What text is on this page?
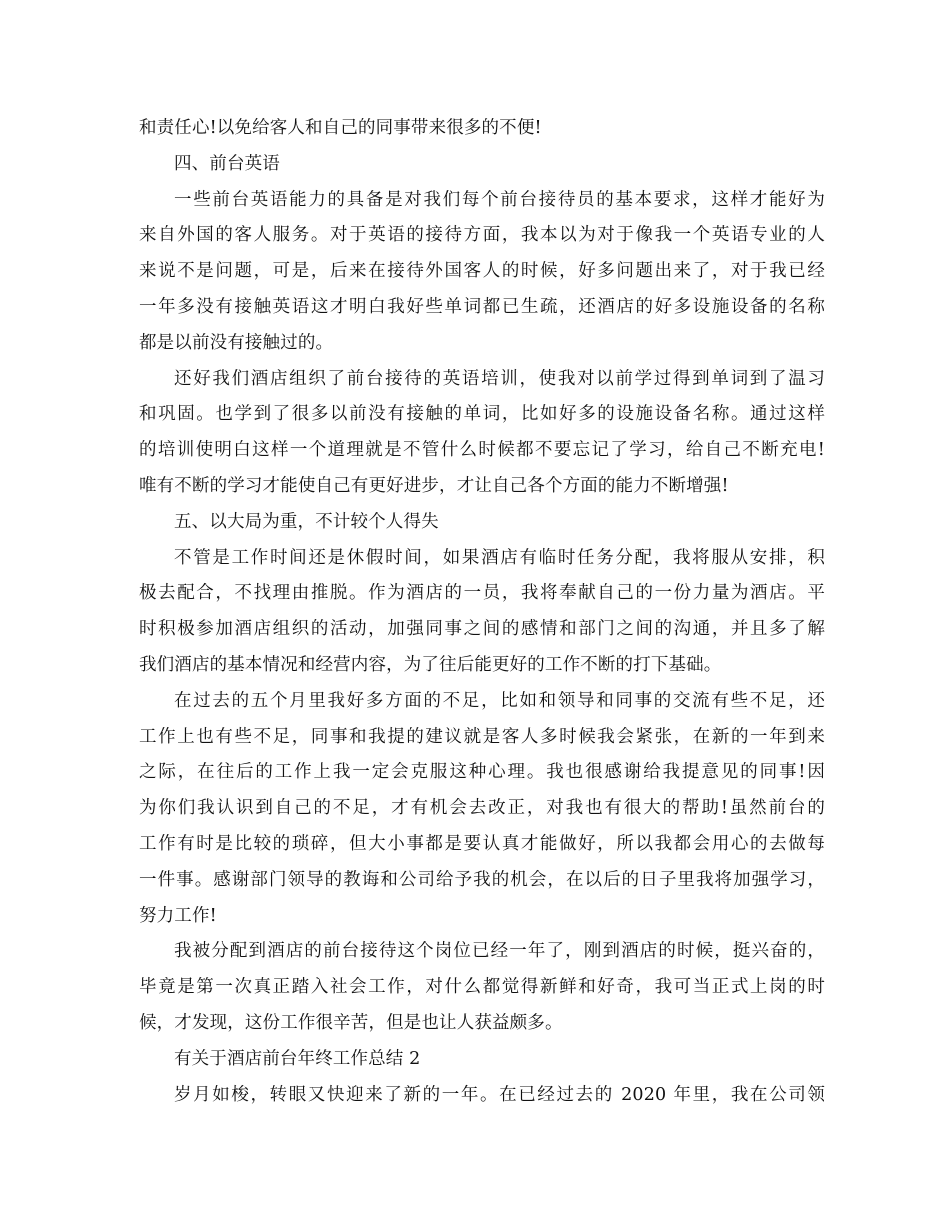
和责任心!以免给客人和自己的同事带来很多的不便!
四、前台英语
一些前台英语能力的具备是对我们每个前台接待员的基本要求，这样才能好为
来自外国的客人服务。对于英语的接待方面，我本以为对于像我一个英语专业的人
来说不是问题，可是，后来在接待外国客人的时候，好多问题出来了，对于我已经
一年多没有接触英语这才明白我好些单词都已生疏，还酒店的好多设施设备的名称
都是以前没有接触过的。
还好我们酒店组织了前台接待的英语培训，使我对以前学过得到单词到了温习
和巩固。也学到了很多以前没有接触的单词，比如好多的设施设备名称。通过这样
的培训使明白这样一个道理就是不管什么时候都不要忘记了学习，给自己不断充电!
唯有不断的学习才能使自己有更好进步，才让自己各个方面的能力不断增强!
五、以大局为重，不计较个人得失
不管是工作时间还是休假时间，如果酒店有临时任务分配，我将服从安排，积
极去配合，不找理由推脱。作为酒店的一员，我将奉献自己的一份力量为酒店。平
时积极参加酒店组织的活动，加强同事之间的感情和部门之间的沟通，并且多了解
我们酒店的基本情况和经营内容，为了往后能更好的工作不断的打下基础。
在过去的五个月里我好多方面的不足，比如和领导和同事的交流有些不足，还
工作上也有些不足，同事和我提的建议就是客人多时候我会紧张，在新的一年到来
之际，在往后的工作上我一定会克服这种心理。我也很感谢给我提意见的同事!因
为你们我认识到自己的不足，才有机会去改正，对我也有很大的帮助!虽然前台的
工作有时是比较的琐碎，但大小事都是要认真才能做好，所以我都会用心的去做每
一件事。感谢部门领导的教诲和公司给予我的机会，在以后的日子里我将加强学习，
努力工作!
我被分配到酒店的前台接待这个岗位已经一年了，刚到酒店的时候，挺兴奋的，
毕竟是第一次真正踏入社会工作，对什么都觉得新鲜和好奇，我可当正式上岗的时
候，才发现，这份工作很辛苦，但是也让人获益颇多。
有关于酒店前台年终工作总结 2
岁月如梭，转眼又快迎来了新的一年。在已经过去的 2020 年里，我在公司领
